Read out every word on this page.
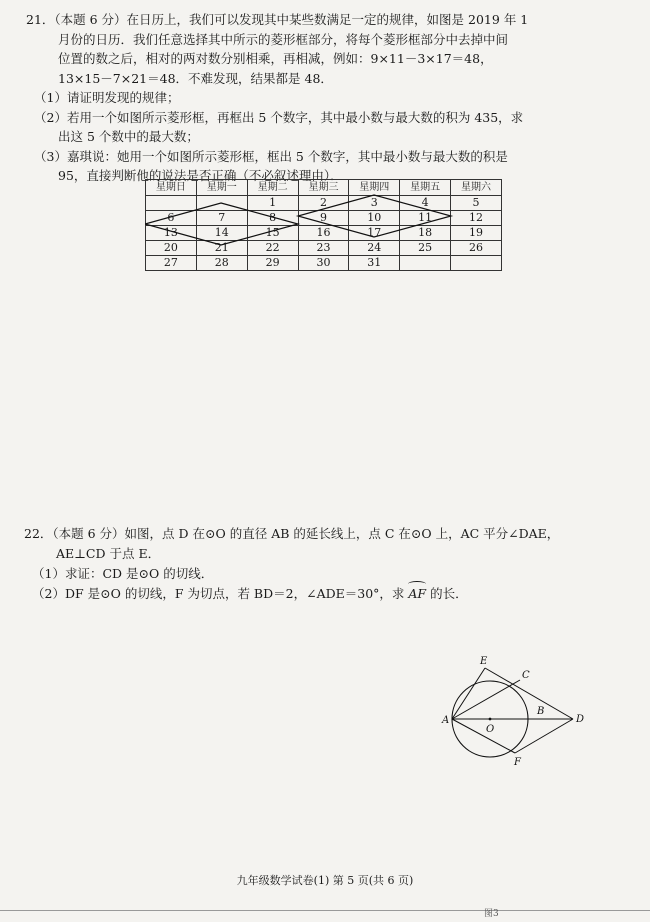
21．（本题 6 分）在日历上，我们可以发现其中某些数满足一定的规律，如图是 2019 年 1
月份的日历．我们任意选择其中所示的菱形框部分，将每个菱形框部分中去掉中间
位置的数之后，相对的两对数分别相乘，再相减，例如：9×11－3×17＝48，
13×15－7×21＝48．不难发现，结果都是 48．
（1）请证明发现的规律；
（2）若用一个如图所示菱形框，再框出 5 个数字，其中最小数与最大数的积为 435，求
出这 5 个数中的最大数；
（3）嘉琪说：她用一个如图所示菱形框，框出 5 个数字，其中最小数与最大数的积是
95，直接判断他的说法是否正确（不必叙述理由）．
星期日	星期一	星期二	星期三	星期四	星期五	星期六
		1	2	3	4	5
6	7	8	9	10	11	12
13	14	15	16	17	18	19
20	21	22	23	24	25	26
27	28	29	30	31		
22．（本题 6 分）如图，点 D 在⊙O 的直径 AB 的延长线上，点 C 在⊙O 上，AC 平分∠DAE，
AE⊥CD 于点 E．
（1）求证：CD 是⊙O 的切线．
（2）DF 是⊙O 的切线，F 为切点，若 BD＝2，∠ADE＝30°，求 AF 的长．
E
C
A
O
B
D
F
九年级数学试卷(1) 第 5 页(共 6 页)
图3
